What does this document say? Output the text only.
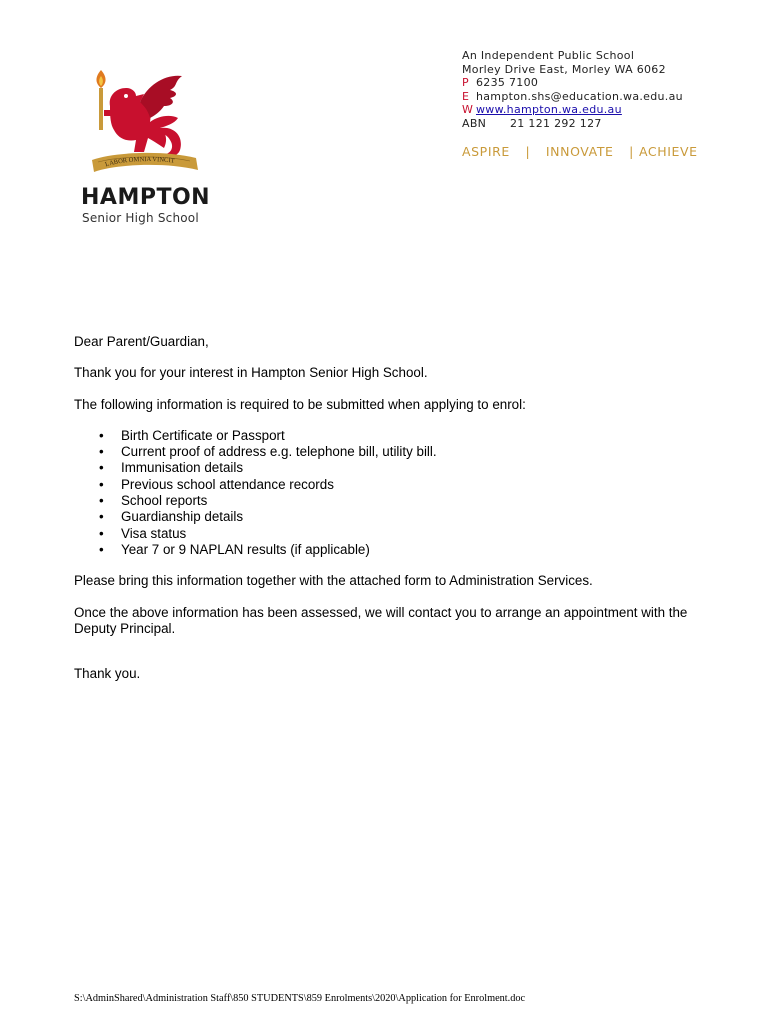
LABOR OMNIA VINCIT
HAMPTON
Senior High School
An Independent Public School
Morley Drive East, Morley WA 6062
P 6235 7100
E hampton.shs@education.wa.edu.au
W www.hampton.wa.edu.au
ABN 21 121 292 127
ASPIRE | INNOVATE | ACHIEVE

Dear Parent/Guardian,

Thank you for your interest in Hampton Senior High School.

The following information is required to be submitted when applying to enrol:

• Birth Certificate or Passport
• Current proof of address e.g. telephone bill, utility bill.
• Immunisation details
• Previous school attendance records
• School reports
• Guardianship details
• Visa status
• Year 7 or 9 NAPLAN results (if applicable)

Please bring this information together with the attached form to Administration Services.

Once the above information has been assessed, we will contact you to arrange an appointment with the Deputy Principal.

Thank you.

S:\AdminShared\Administration Staff\850 STUDENTS\859 Enrolments\2020\Application for Enrolment.doc
